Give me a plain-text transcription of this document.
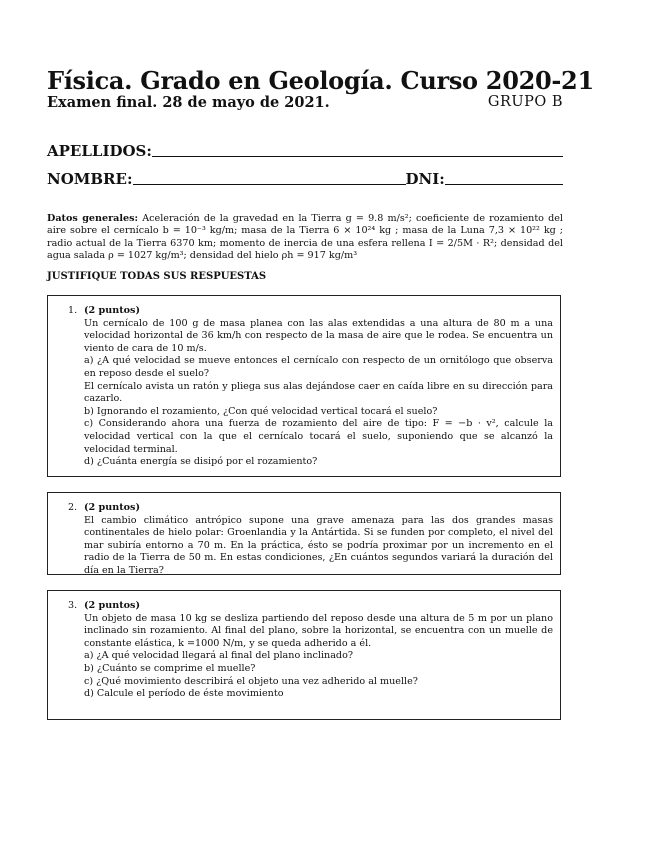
Física. Grado en Geología. Curso 2020-21
Examen final. 28 de mayo de 2021.	GRUPO B
APELLIDOS:
NOMBRE:	DNI:
Datos generales: Aceleración de la gravedad en la Tierra g = 9.8 m/s²; coeficiente de rozamiento del aire sobre el cernícalo b = 10⁻³ kg/m; masa de la Tierra 6 × 10²⁴ kg ; masa de la Luna 7,3 × 10²² kg ; radio actual de la Tierra 6370 km; momento de inercia de una esfera rellena I = 2/5M · R²; densidad del agua salada ρ = 1027 kg/m³; densidad del hielo ρh = 917 kg/m³
JUSTIFIQUE TODAS SUS RESPUESTAS
1. (2 puntos)
Un cernícalo de 100 g de masa planea con las alas extendidas a una altura de 80 m a una velocidad horizontal de 36 km/h con respecto de la masa de aire que le rodea. Se encuentra un viento de cara de 10 m/s.
a) ¿A qué velocidad se mueve entonces el cernícalo con respecto de un ornitólogo que observa en reposo desde el suelo?
El cernícalo avista un ratón y pliega sus alas dejándose caer en caída libre en su dirección para cazarlo.
b) Ignorando el rozamiento, ¿Con qué velocidad vertical tocará el suelo?
c) Considerando ahora una fuerza de rozamiento del aire de tipo: F = −b · v², calcule la velocidad vertical con la que el cernícalo tocará el suelo, suponiendo que se alcanzó la velocidad terminal.
d) ¿Cuánta energía se disipó por el rozamiento?
2. (2 puntos)
El cambio climático antrópico supone una grave amenaza para las dos grandes masas continentales de hielo polar: Groenlandia y la Antártida. Si se funden por completo, el nivel del mar subiría entorno a 70 m. En la práctica, ésto se podría proximar por un incremento en el radio de la Tierra de 50 m. En estas condiciones, ¿En cuántos segundos variará la duración del día en la Tierra?
3. (2 puntos)
Un objeto de masa 10 kg se desliza partiendo del reposo desde una altura de 5 m por un plano inclinado sin rozamiento. Al final del plano, sobre la horizontal, se encuentra con un muelle de constante elástica, k =1000 N/m, y se queda adherido a él.
a) ¿A qué velocidad llegará al final del plano inclinado?
b) ¿Cuánto se comprime el muelle?
c) ¿Qué movimiento describirá el objeto una vez adherido al muelle?
d) Calcule el período de éste movimiento
